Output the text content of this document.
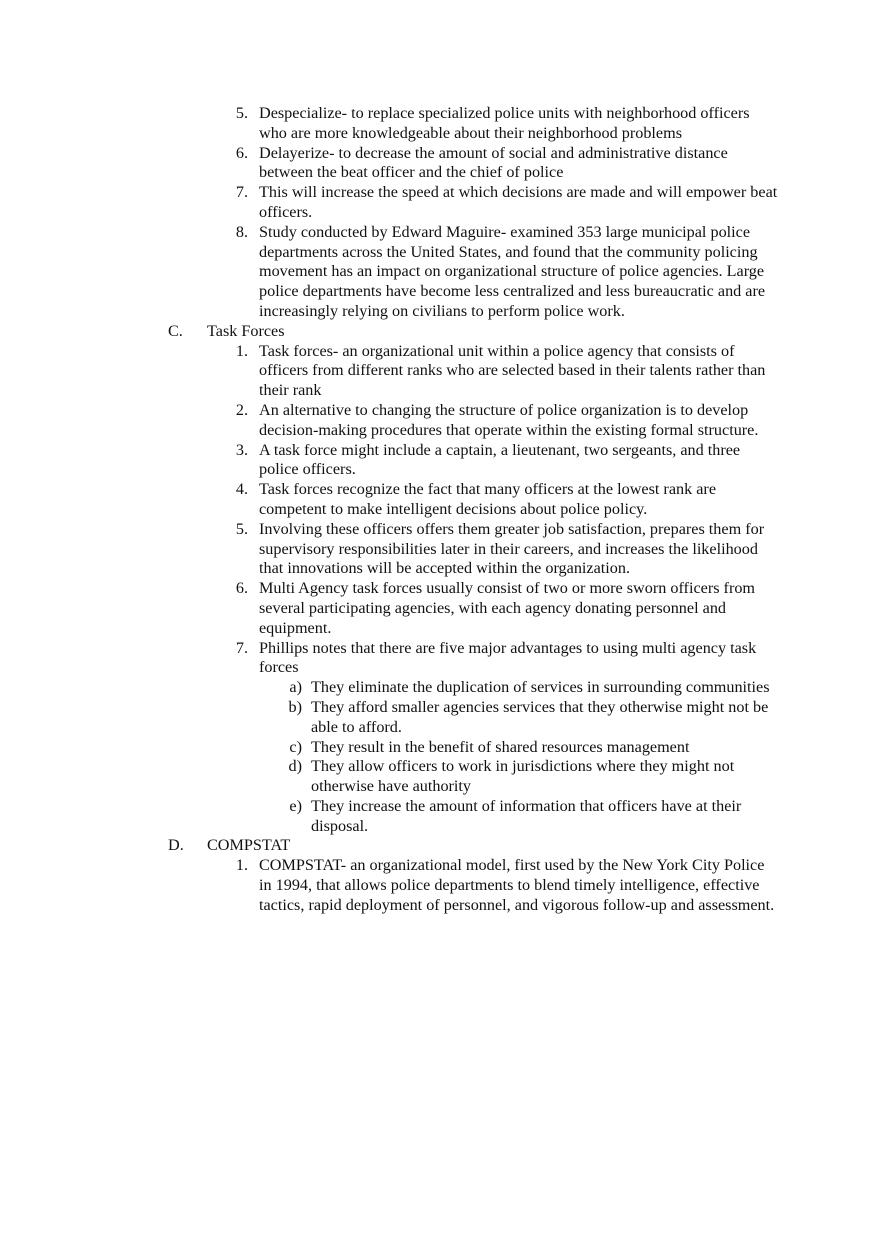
5. Despecialize- to replace specialized police units with neighborhood officers who are more knowledgeable about their neighborhood problems
6. Delayerize- to decrease the amount of social and administrative distance between the beat officer and the chief of police
7. This will increase the speed at which decisions are made and will empower beat officers.
8. Study conducted by Edward Maguire- examined 353 large municipal police departments across the United States, and found that the community policing movement has an impact on organizational structure of police agencies. Large police departments have become less centralized and less bureaucratic and are increasingly relying on civilians to perform police work.
C.	Task Forces
1. Task forces- an organizational unit within a police agency that consists of officers from different ranks who are selected based in their talents rather than their rank
2. An alternative to changing the structure of police organization is to develop decision-making procedures that operate within the existing formal structure.
3. A task force might include a captain, a lieutenant, two sergeants, and three police officers.
4. Task forces recognize the fact that many officers at the lowest rank are competent to make intelligent decisions about police policy.
5. Involving these officers offers them greater job satisfaction, prepares them for supervisory responsibilities later in their careers, and increases the likelihood that innovations will be accepted within the organization.
6. Multi Agency task forces usually consist of two or more sworn officers from several participating agencies, with each agency donating personnel and equipment.
7. Phillips notes that there are five major advantages to using multi agency task forces
a) They eliminate the duplication of services in surrounding communities
b) They afford smaller agencies services that they otherwise might not be able to afford.
c) They result in the benefit of shared resources management
d) They allow officers to work in jurisdictions where they might not otherwise have authority
e) They increase the amount of information that officers have at their disposal.
D.	COMPSTAT
1. COMPSTAT- an organizational model, first used by the New York City Police in 1994, that allows police departments to blend timely intelligence, effective tactics, rapid deployment of personnel, and vigorous follow-up and assessment.
